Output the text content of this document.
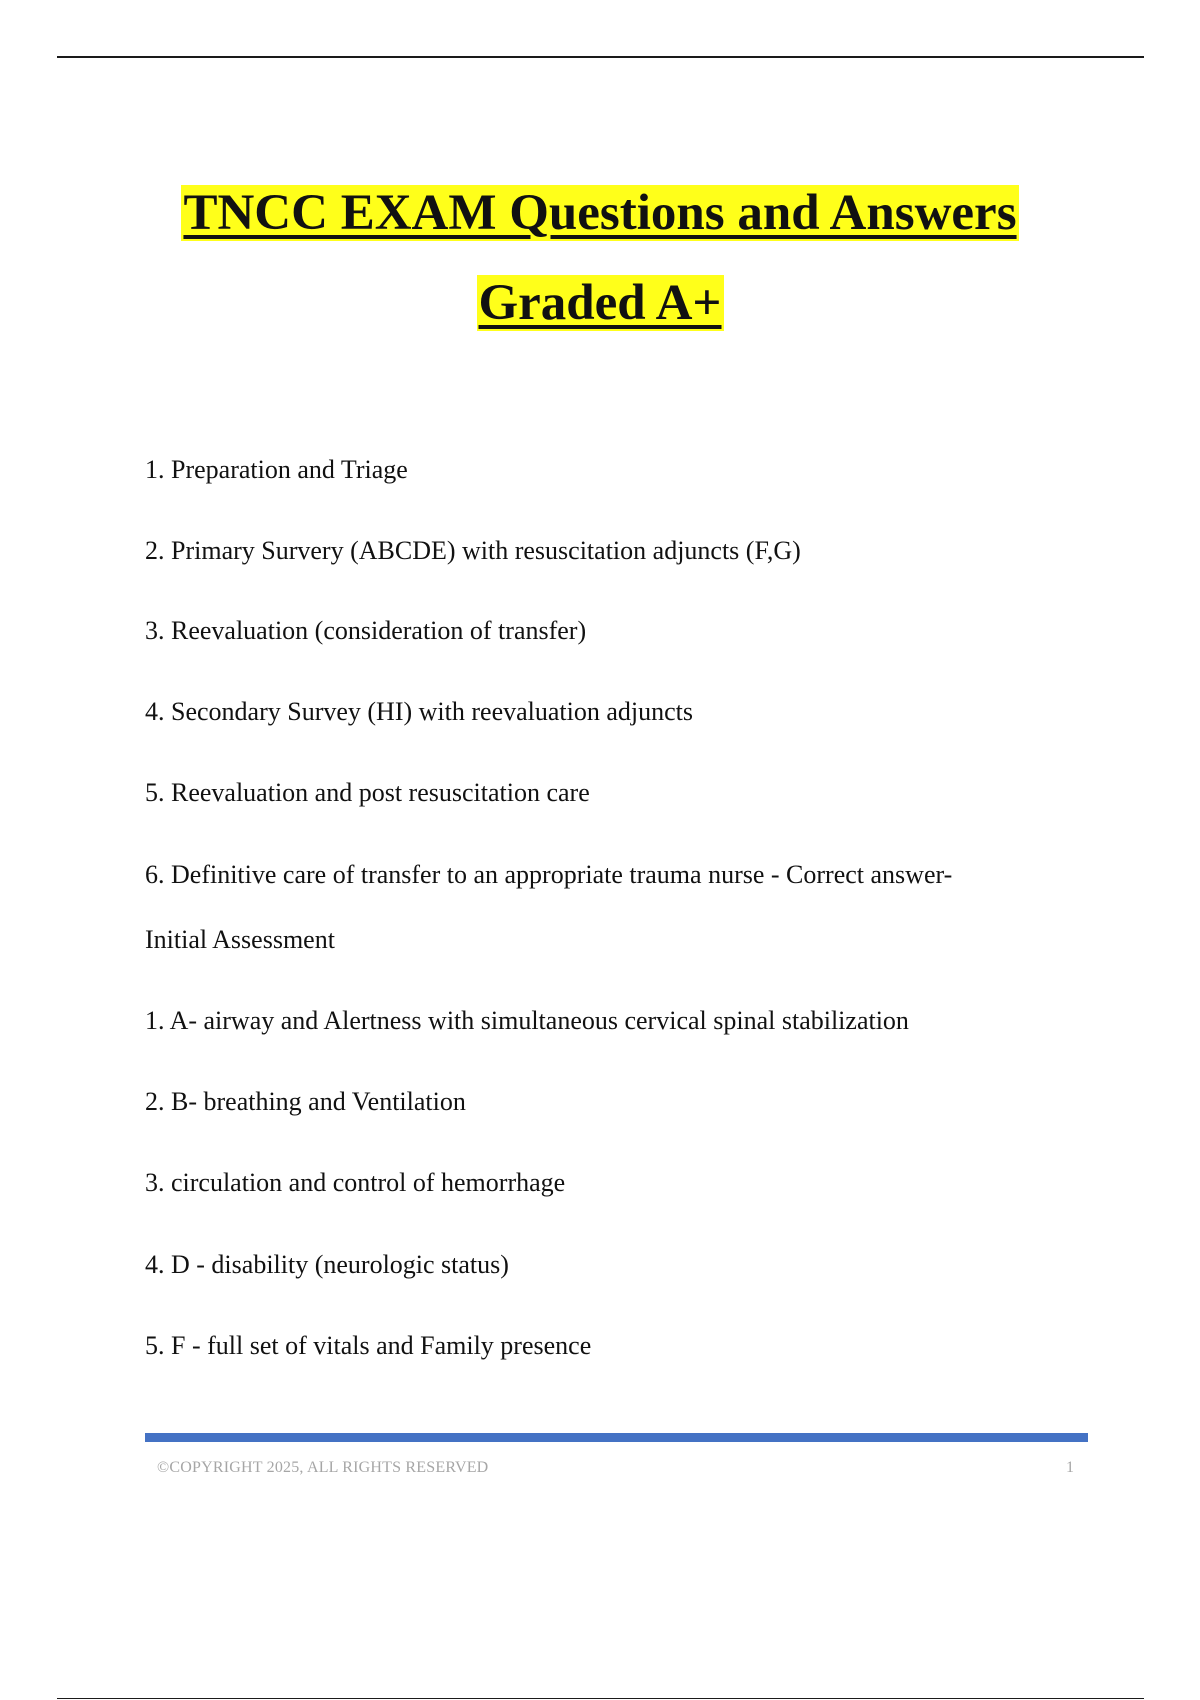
TNCC EXAM Questions and Answers
Graded A+
1. Preparation and Triage
2. Primary Survery (ABCDE) with resuscitation adjuncts (F,G)
3. Reevaluation (consideration of transfer)
4. Secondary Survey (HI) with reevaluation adjuncts
5. Reevaluation and post resuscitation care
6. Definitive care of transfer to an appropriate trauma nurse - Correct answer-
Initial Assessment
1. A- airway and Alertness with simultaneous cervical spinal stabilization
2. B- breathing and Ventilation
3. circulation and control of hemorrhage
4. D - disability (neurologic status)
5. F - full set of vitals and Family presence
©COPYRIGHT 2025, ALL RIGHTS RESERVED	1
